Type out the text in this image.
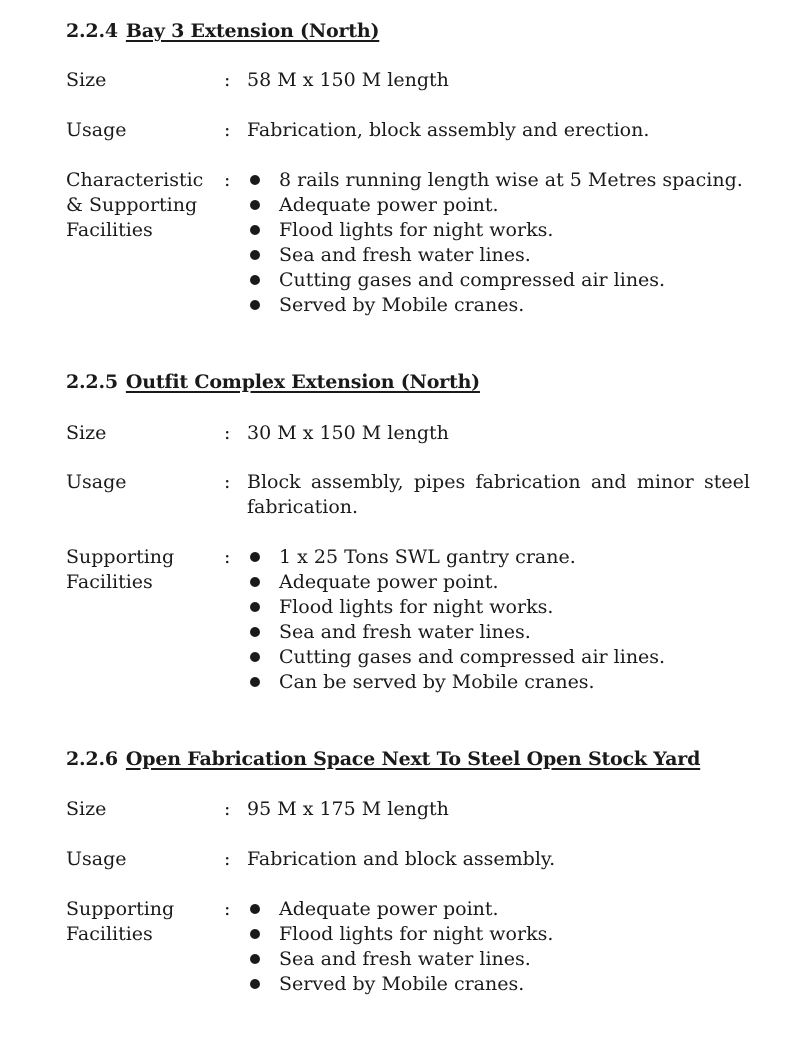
2.2.4 Bay 3 Extension (North)
Size	: 58 M x 150 M length
Usage	: Fabrication, block assembly and erection.
Characteristic
& Supporting
Facilities
:	8 rails running length wise at 5 Metres spacing.
Adequate power point.
Flood lights for night works.
Sea and fresh water lines.
Cutting gases and compressed air lines.
Served by Mobile cranes.
2.2.5 Outfit Complex Extension (North)
Size	: 30 M x 150 M length
Usage	: Block assembly, pipes fabrication and minor steel fabrication.
Supporting
Facilities
:	1 x 25 Tons SWL gantry crane.
Adequate power point.
Flood lights for night works.
Sea and fresh water lines.
Cutting gases and compressed air lines.
Can be served by Mobile cranes.
2.2.6 Open Fabrication Space Next To Steel Open Stock Yard
Size	: 95 M x 175 M length
Usage	: Fabrication and block assembly.
Supporting
Facilities
:	Adequate power point.
Flood lights for night works.
Sea and fresh water lines.
Served by Mobile cranes.
